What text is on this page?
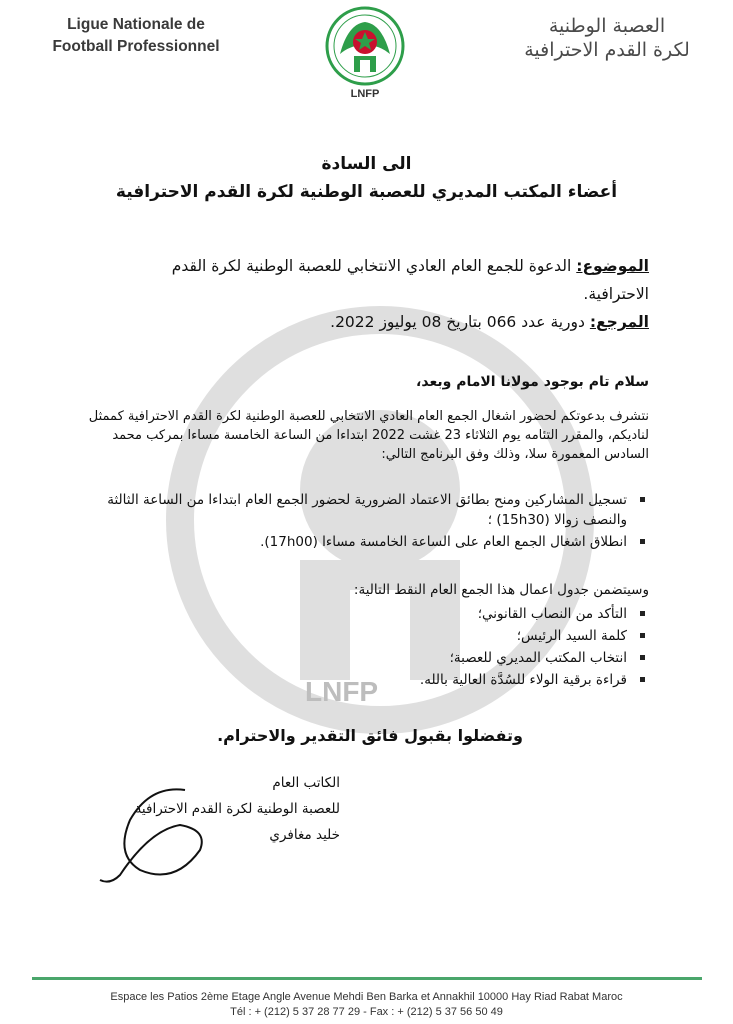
Ligue Nationale de
Football Professionnel
LNFP
العصبة الوطنية
لكرة القدم الاحترافية
LNFP
الى السادة
أعضاء المكتب المديري للعصبة الوطنية لكرة القدم الاحترافية
الموضوع: الدعوة للجمع العام العادي الانتخابي للعصبة الوطنية لكرة القدم الاحترافية.
المرجع: دورية عدد 066 بتاريخ 08 يوليوز 2022.
سلام تام بوجود مولانا الامام وبعد،
نتشرف بدعوتكم لحضور اشغال الجمع العام العادي الانتخابي للعصبة الوطنية لكرة القدم الاحترافية كممثل لناديكم، والمقرر التئامه يوم الثلاثاء 23 غشت 2022 ابتداءا من الساعة الخامسة مساءا بمركب محمد السادس المعمورة سلا، وذلك وفق البرنامج التالي:
تسجيل المشاركين ومنح بطائق الاعتماد الضرورية لحضور الجمع العام ابتداءا من الساعة الثالثة والنصف زوالا (15h30) ؛
انطلاق اشغال الجمع العام على الساعة الخامسة مساءا (17h00).
وسيتضمن جدول اعمال هذا الجمع العام النقط التالية:
التأكد من النصاب القانوني؛
كلمة السيد الرئيس؛
انتخاب المكتب المديري للعصبة؛
قراءة برقية الولاء للسُدَّة العالية بالله.
وتفضلوا بقبول فائق التقدير والاحترام.
الكاتب العام
للعصبة الوطنية لكرة القدم الاحترافية
خليد مغافري
Espace les Patios 2ème Etage Angle Avenue Mehdi Ben Barka et Annakhil 10000 Hay Riad Rabat Maroc
Tél : + (212) 5 37 28 77 29 - Fax : + (212) 5 37 56 50 49
